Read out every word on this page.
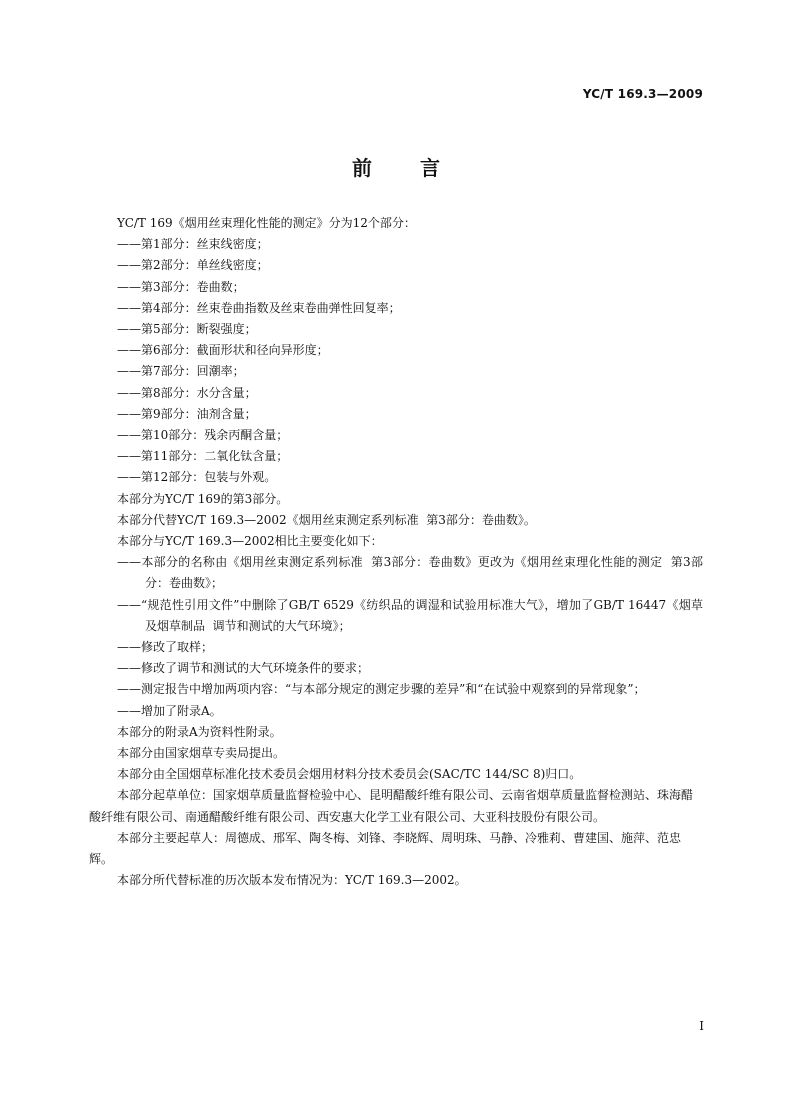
YC/T 169.3—2009
前言

YC/T 169《烟用丝束理化性能的测定》分为12个部分：

——第1部分：丝束线密度；

——第2部分：单丝线密度；

——第3部分：卷曲数；

——第4部分：丝束卷曲指数及丝束卷曲弹性回复率；

——第5部分：断裂强度；

——第6部分：截面形状和径向异形度；

——第7部分：回潮率；

——第8部分：水分含量；

——第9部分：油剂含量；

——第10部分：残余丙酮含量；

——第11部分：二氧化钛含量；

——第12部分：包装与外观。

本部分为YC/T 169的第3部分。

本部分代替YC/T 169.3—2002《烟用丝束测定系列标准  第3部分：卷曲数》。

本部分与YC/T 169.3—2002相比主要变化如下：

——本部分的名称由《烟用丝束测定系列标准  第3部分：卷曲数》更改为《烟用丝束理化性能的测定  第3部分：卷曲数》；

——“规范性引用文件”中删除了GB/T 6529《纺织品的调湿和试验用标准大气》，增加了GB/T 16447《烟草及烟草制品  调节和测试的大气环境》；

——修改了取样；

——修改了调节和测试的大气环境条件的要求；

——测定报告中增加两项内容：“与本部分规定的测定步骤的差异”和“在试验中观察到的异常现象”；

——增加了附录A。

本部分的附录A为资料性附录。

本部分由国家烟草专卖局提出。

本部分由全国烟草标准化技术委员会烟用材料分技术委员会(SAC/TC 144/SC 8)归口。

本部分起草单位：国家烟草质量监督检验中心、昆明醋酸纤维有限公司、云南省烟草质量监督检测站、珠海醋酸纤维有限公司、南通醋酸纤维有限公司、西安惠大化学工业有限公司、大亚科技股份有限公司。

本部分主要起草人：周德成、邢军、陶冬梅、刘锋、李晓辉、周明珠、马静、冷雅莉、曹建国、施萍、范忠辉。

本部分所代替标准的历次版本发布情况为：YC/T 169.3—2002。

I
